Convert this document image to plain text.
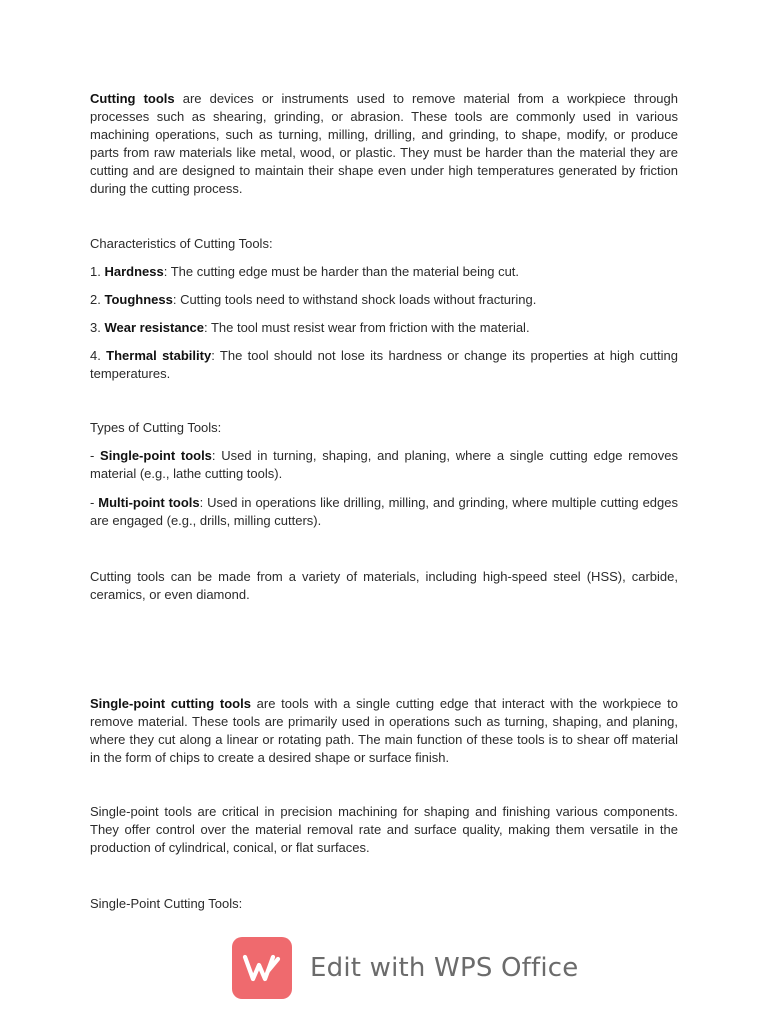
Cutting tools are devices or instruments used to remove material from a workpiece through processes such as shearing, grinding, or abrasion. These tools are commonly used in various machining operations, such as turning, milling, drilling, and grinding, to shape, modify, or produce parts from raw materials like metal, wood, or plastic. They must be harder than the material they are cutting and are designed to maintain their shape even under high temperatures generated by friction during the cutting process.

Characteristics of Cutting Tools:

1. Hardness: The cutting edge must be harder than the material being cut.

2. Toughness: Cutting tools need to withstand shock loads without fracturing.

3. Wear resistance: The tool must resist wear from friction with the material.

4. Thermal stability: The tool should not lose its hardness or change its properties at high cutting temperatures.

Types of Cutting Tools:

- Single-point tools: Used in turning, shaping, and planing, where a single cutting edge removes material (e.g., lathe cutting tools).

- Multi-point tools: Used in operations like drilling, milling, and grinding, where multiple cutting edges are engaged (e.g., drills, milling cutters).

Cutting tools can be made from a variety of materials, including high-speed steel (HSS), carbide, ceramics, or even diamond.

Single-point cutting tools are tools with a single cutting edge that interact with the workpiece to remove material. These tools are primarily used in operations such as turning, shaping, and planing, where they cut along a linear or rotating path. The main function of these tools is to shear off material in the form of chips to create a desired shape or surface finish.

Single-point tools are critical in precision machining for shaping and finishing various components. They offer control over the material removal rate and surface quality, making them versatile in the production of cylindrical, conical, or flat surfaces.

Single-Point Cutting Tools:

Edit with WPS Office
